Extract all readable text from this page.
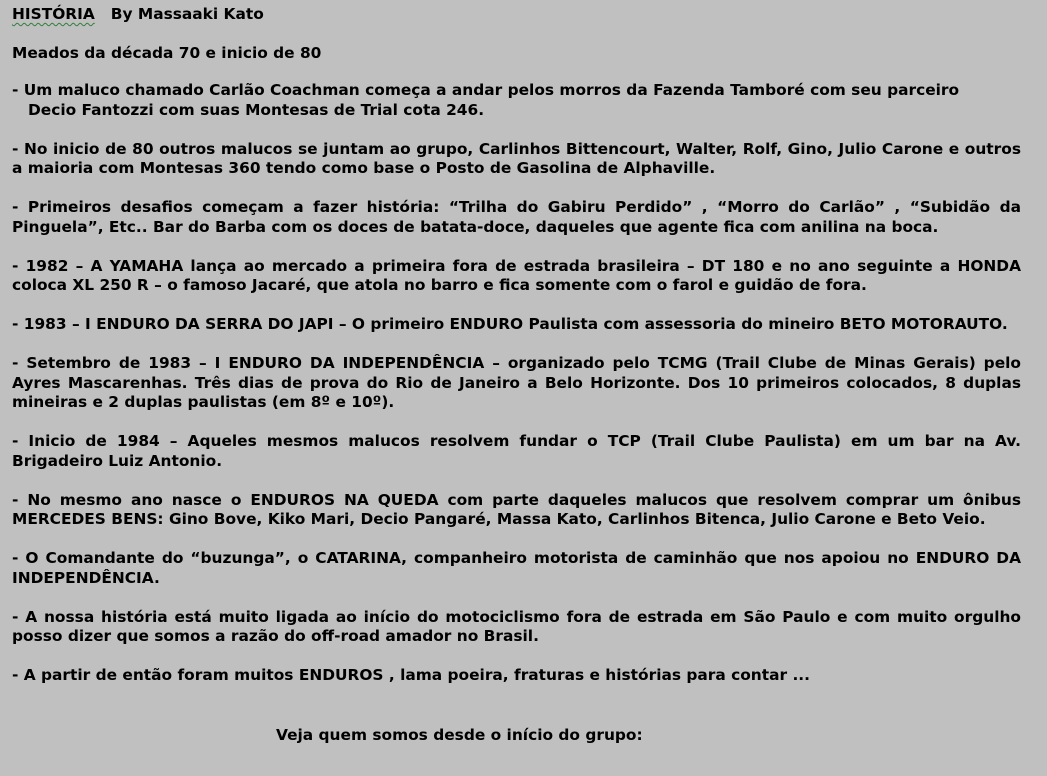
HISTÓRIA By Massaaki Kato

Meados da década 70 e inicio de 80

- Um maluco chamado Carlão Coachman começa a andar pelos morros da Fazenda Tamboré com seu parceiro
Decio Fantozzi com suas Montesas de Trial cota 246.

- No inicio de 80 outros malucos se juntam ao grupo, Carlinhos Bittencourt, Walter, Rolf, Gino, Julio Carone e outros a maioria com Montesas 360 tendo como base o Posto de Gasolina de Alphaville.

- Primeiros desafios começam a fazer história: “Trilha do Gabiru Perdido” , “Morro do Carlão” , “Subidão da Pinguela”, Etc.. Bar do Barba com os doces de batata-doce, daqueles que agente fica com anilina na boca.

- 1982 – A YAMAHA lança ao mercado a primeira fora de estrada brasileira – DT 180 e no ano seguinte a HONDA coloca XL 250 R – o famoso Jacaré, que atola no barro e fica somente com o farol e guidão de fora.

- 1983 – I ENDURO DA SERRA DO JAPI – O primeiro ENDURO Paulista com assessoria do mineiro BETO MOTORAUTO.

- Setembro de 1983 – I ENDURO DA INDEPENDÊNCIA – organizado pelo TCMG (Trail Clube de Minas Gerais) pelo Ayres Mascarenhas. Três dias de prova do Rio de Janeiro a Belo Horizonte. Dos 10 primeiros colocados, 8 duplas mineiras e 2 duplas paulistas (em 8º e 10º).

- Inicio de 1984 – Aqueles mesmos malucos resolvem fundar o TCP (Trail Clube Paulista) em um bar na Av. Brigadeiro Luiz Antonio.

- No mesmo ano nasce o ENDUROS NA QUEDA com parte daqueles malucos que resolvem comprar um ônibus MERCEDES BENS: Gino Bove, Kiko Mari, Decio Pangaré, Massa Kato, Carlinhos Bitenca, Julio Carone e Beto Veio.

- O Comandante do “buzunga”, o CATARINA, companheiro motorista de caminhão que nos apoiou no ENDURO DA INDEPENDÊNCIA.

- A nossa história está muito ligada ao início do motociclismo fora de estrada em São Paulo e com muito orgulho posso dizer que somos a razão do off-road amador no Brasil.

- A partir de então foram muitos ENDUROS , lama poeira, fraturas e histórias para contar ...

Veja quem somos desde o início do grupo:
